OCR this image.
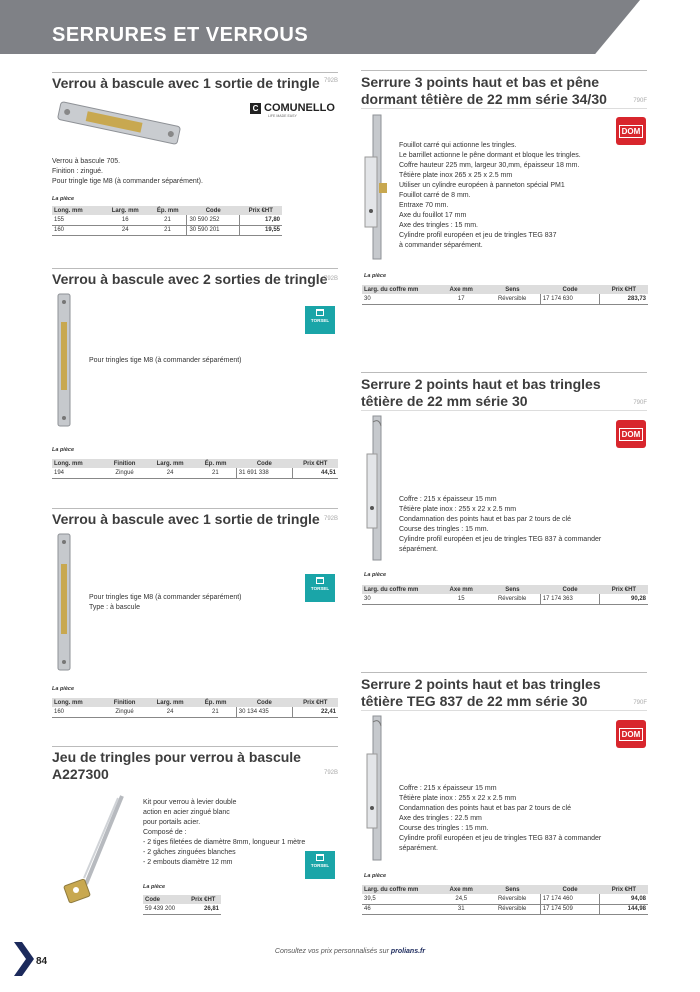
SERRURES ET VERROUS
Verrou à bascule avec 1 sortie de tringle 792B
C COMUNELLO
LIFE MADE EASY

Verrou à bascule 705.

Finition : zingué.

Pour tringle tige M8 (à commander séparément).

La pièce
Long. mm	Larg. mm	Ép. mm	Code	Prix €HT
155	16	21	30 590 252	17,80
160	24	21	30 590 201	19,55
Verrou à bascule avec 2 sorties de tringle
792B
TORSEL

Pour tringles tige M8 (à commander séparément)

La pièce
Long. mm	Finition	Larg. mm	Ép. mm	Code	Prix €HT
194	Zingué	24	21	31 691 338	44,51
Verrou à bascule avec 1 sortie de tringle 792B
TORSEL

Pour tringles tige M8 (à commander séparément)

Type : à bascule

La pièce
Long. mm	Finition	Larg. mm	Ép. mm	Code	Prix €HT
160	Zingué	24	21	30 134 435	22,41
Jeu de tringles pour verrou à bascule
A227300	792B

Kit pour verrou à levier double

action en acier zingué blanc

pour portails acier.

Composé de :

- 2 tiges filetées de diamètre 8mm, longueur 1 mètre

- 2 gâches zinguées blanches

- 2 embouts diamètre 12 mm	TORSEL
La pièce
Code	Prix €HT
59 439 200	26,81
Serrure 3 points haut et bas et pêne
dormant têtière de 22 mm série 34/30	790F
DOM

Fouillot carré qui actionne les tringles.

Le barrillet actionne le pêne dormant et bloque les tringles.

Coffre hauteur 225 mm, largeur 30,mm, épaisseur 18 mm.

Têtière plate inox 265 x 25 x 2.5 mm

Utiliser un cylindre européen à panneton spécial PM1

Fouillot carré de 8 mm.

Entraxe 70 mm.

Axe du fouillot 17 mm

Axe des tringles : 15 mm.

Cylindre profil européen et jeu de tringles TEG 837

à commander séparément.

La pièce
Larg. du coffre mm	Axe mm	Sens	Code	Prix €HT
30	17	Réversible	17 174 630	283,73
Serrure 2 points haut et bas tringles
têtière de 22 mm série 30	790F
DOM

Coffre : 215 x épaisseur 15 mm

Têtière plate inox : 255 x 22 x 2.5 mm

Condamnation des points haut et bas par 2 tours de clé

Course des tringles : 15 mm.

Cylindre profil européen et jeu de tringles TEG 837 à commander

séparément.

La pièce
Larg. du coffre mm	Axe mm	Sens	Code	Prix €HT
30	15	Réversible	17 174 363	90,28
Serrure 2 points haut et bas tringles
têtière TEG 837 de 22 mm série 30	790F
DOM

Coffre : 215 x épaisseur 15 mm

Têtière plate inox : 255 x 22 x 2.5 mm

Condamnation des points haut et bas par 2 tours de clé

Axe des tringles : 22.5 mm

Course des tringles : 15 mm.

Cylindre profil européen et jeu de tringles TEG 837 à commander

séparément.

La pièce
Larg. du coffre mm	Axe mm	Sens	Code	Prix €HT
39,5	24,5	Réversible	17 174 460	94,08
46	31	Réversible	17 174 509	144,98
Consultez vos prix personnalisés sur prolians.fr
84
